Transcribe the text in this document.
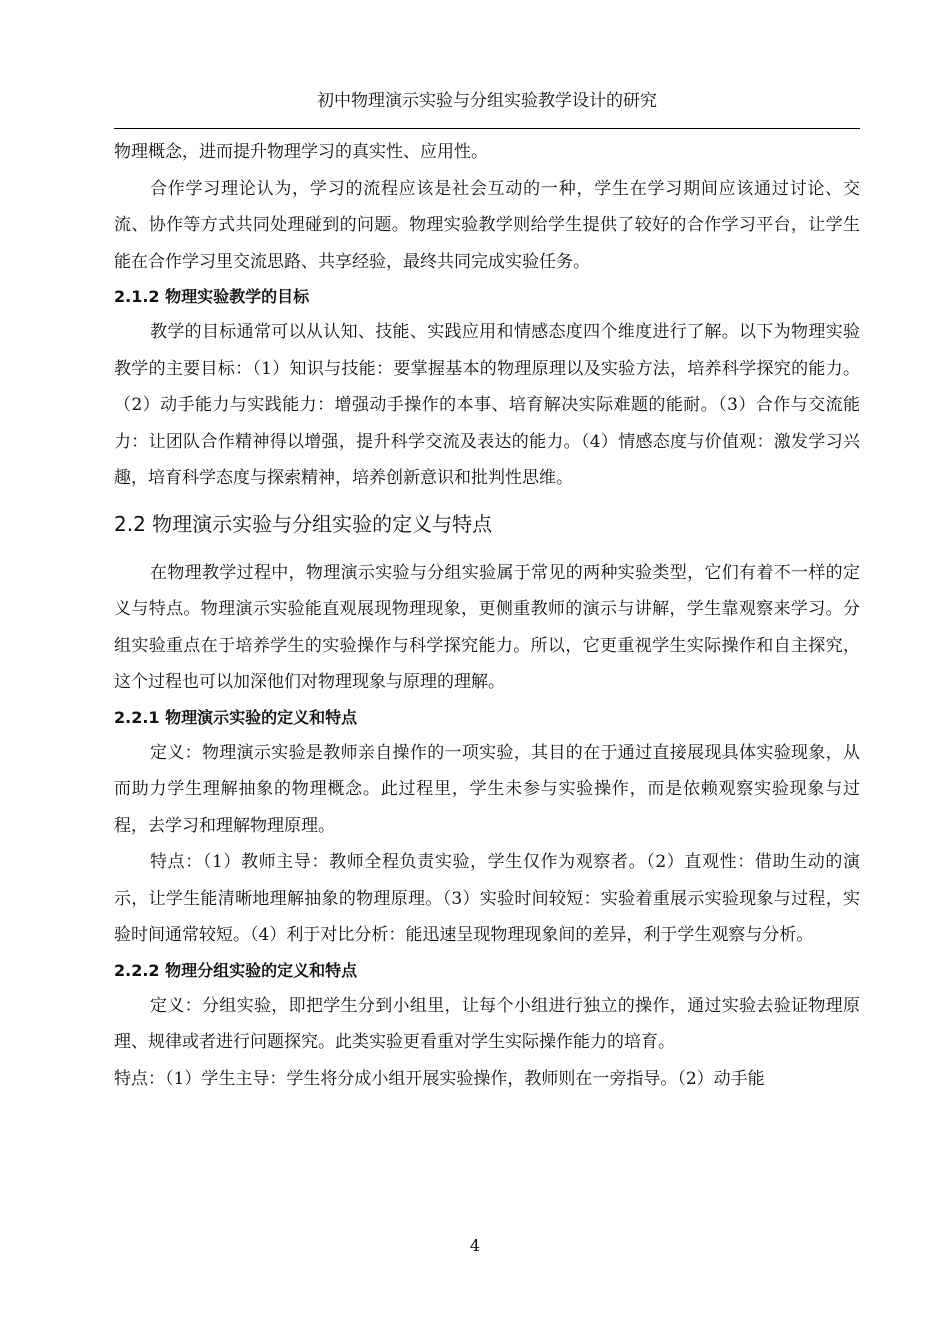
初中物理演示实验与分组实验教学设计的研究

物理概念，进而提升物理学习的真实性、应用性。

合作学习理论认为，学习的流程应该是社会互动的一种，学生在学习期间应该通过讨论、交流、协作等方式共同处理碰到的问题。物理实验教学则给学生提供了较好的合作学习平台，让学生能在合作学习里交流思路、共享经验，最终共同完成实验任务。

2.1.2 物理实验教学的目标

教学的目标通常可以从认知、技能、实践应用和情感态度四个维度进行了解。以下为物理实验教学的主要目标：（1）知识与技能：要掌握基本的物理原理以及实验方法，培养科学探究的能力。（2）动手能力与实践能力：增强动手操作的本事、培育解决实际难题的能耐。（3）合作与交流能力：让团队合作精神得以增强，提升科学交流及表达的能力。（4）情感态度与价值观：激发学习兴趣，培育科学态度与探索精神，培养创新意识和批判性思维。

2.2 物理演示实验与分组实验的定义与特点

在物理教学过程中，物理演示实验与分组实验属于常见的两种实验类型，它们有着不一样的定义与特点。物理演示实验能直观展现物理现象，更侧重教师的演示与讲解，学生靠观察来学习。分组实验重点在于培养学生的实验操作与科学探究能力。所以，它更重视学生实际操作和自主探究，这个过程也可以加深他们对物理现象与原理的理解。

2.2.1 物理演示实验的定义和特点

定义：物理演示实验是教师亲自操作的一项实验，其目的在于通过直接展现具体实验现象，从而助力学生理解抽象的物理概念。此过程里，学生未参与实验操作，而是依赖观察实验现象与过程，去学习和理解物理原理。

特点：（1）教师主导：教师全程负责实验，学生仅作为观察者。（2）直观性：借助生动的演示，让学生能清晰地理解抽象的物理原理。（3）实验时间较短：实验着重展示实验现象与过程，实验时间通常较短。（4）利于对比分析：能迅速呈现物理现象间的差异，利于学生观察与分析。

2.2.2 物理分组实验的定义和特点

定义：分组实验，即把学生分到小组里，让每个小组进行独立的操作，通过实验去验证物理原理、规律或者进行问题探究。此类实验更看重对学生实际操作能力的培育。

特点：（1）学生主导：学生将分成小组开展实验操作，教师则在一旁指导。（2）动手能

4
